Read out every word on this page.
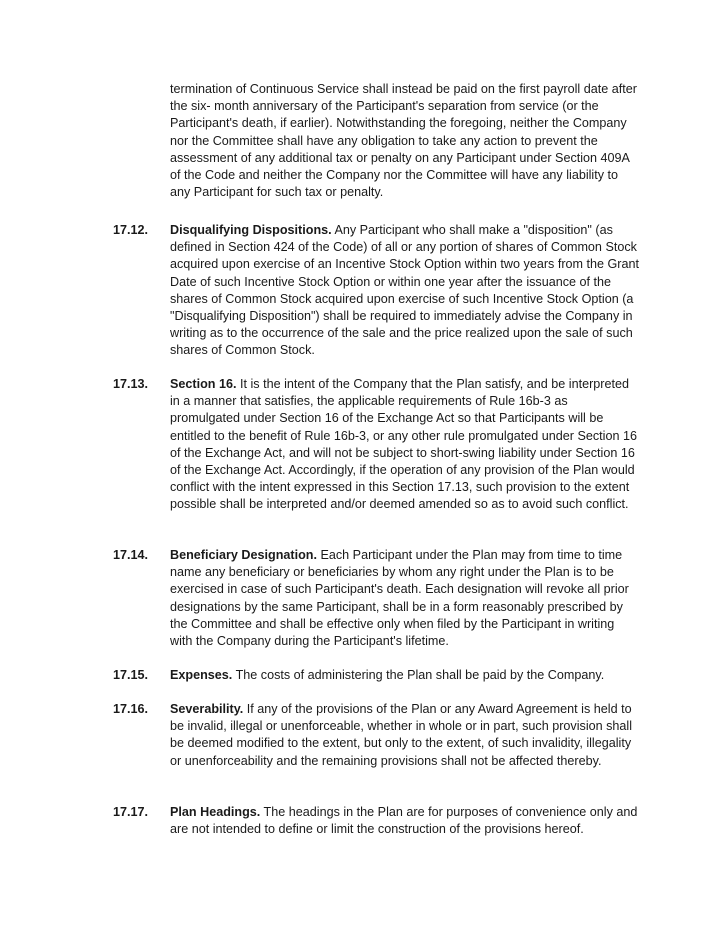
termination of Continuous Service shall instead be paid on the first payroll date after the six- month anniversary of the Participant's separation from service (or the Participant's death, if earlier). Notwithstanding the foregoing, neither the Company nor the Committee shall have any obligation to take any action to prevent the assessment of any additional tax or penalty on any Participant under Section 409A of the Code and neither the Company nor the Committee will have any liability to any Participant for such tax or penalty.

17.12. Disqualifying Dispositions. Any Participant who shall make a "disposition" (as defined in Section 424 of the Code) of all or any portion of shares of Common Stock acquired upon exercise of an Incentive Stock Option within two years from the Grant Date of such Incentive Stock Option or within one year after the issuance of the shares of Common Stock acquired upon exercise of such Incentive Stock Option (a "Disqualifying Disposition") shall be required to immediately advise the Company in writing as to the occurrence of the sale and the price realized upon the sale of such shares of Common Stock.

17.13. Section 16. It is the intent of the Company that the Plan satisfy, and be interpreted in a manner that satisfies, the applicable requirements of Rule 16b-3 as promulgated under Section 16 of the Exchange Act so that Participants will be entitled to the benefit of Rule 16b-3, or any other rule promulgated under Section 16 of the Exchange Act, and will not be subject to short-swing liability under Section 16 of the Exchange Act. Accordingly, if the operation of any provision of the Plan would conflict with the intent expressed in this Section 17.13, such provision to the extent possible shall be interpreted and/or deemed amended so as to avoid such conflict.

17.14. Beneficiary Designation. Each Participant under the Plan may from time to time name any beneficiary or beneficiaries by whom any right under the Plan is to be exercised in case of such Participant's death. Each designation will revoke all prior designations by the same Participant, shall be in a form reasonably prescribed by the Committee and shall be effective only when filed by the Participant in writing with the Company during the Participant's lifetime.

17.15. Expenses. The costs of administering the Plan shall be paid by the Company.

17.16. Severability. If any of the provisions of the Plan or any Award Agreement is held to be invalid, illegal or unenforceable, whether in whole or in part, such provision shall be deemed modified to the extent, but only to the extent, of such invalidity, illegality or unenforceability and the remaining provisions shall not be affected thereby.

17.17. Plan Headings. The headings in the Plan are for purposes of convenience only and are not intended to define or limit the construction of the provisions hereof.
